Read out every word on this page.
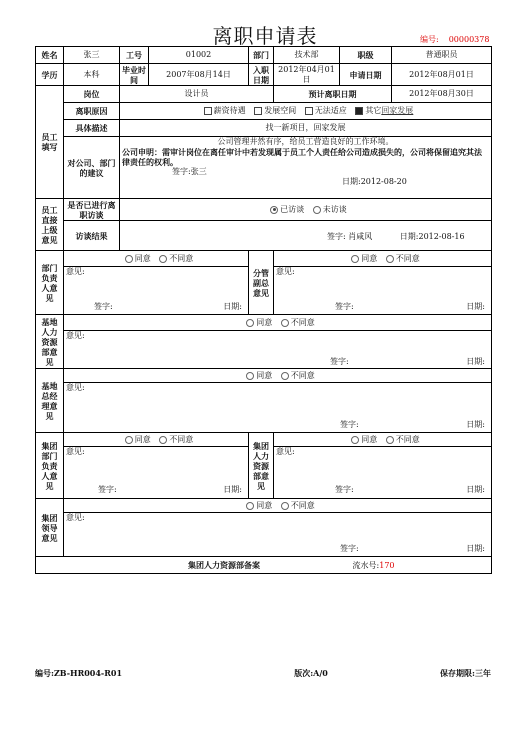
离职申请表	编号: 00000378
姓名	张三	工号	01002	部门	技术部	职级	普通职员
学历	本科	毕业时间	2007年08月14日	入职日期	2012年04月01日	申请日期	2012年08月01日
员工填写	岗位	设计员			预计离职日期		2012年08月30日
	离职原因	薪资待遇 发展空间 无法适应 其它回家发展					
	具体描述	找一新项目，回家发展					
	对公司、部门的建议	公司管理井然有序，给员工营造良好的工作环境。
公司申明：需审计岗位在离任审计中若发现属于员工个人责任给公司造成损失的，公司将保留追究其法律责任的权利。
签字:张三
日期:2012-08-20					

员工直接上级意见	是否已进行离职访谈	已访谈 未访谈					
	访谈结果	签字: 肖咸风 日期:2012-08-16					
部门负责人意见	同意 不同意			分管副总意见	同意 不同意		
	意见:				意见:		

	签字: 日期:				签字: 日期:		

基地人力资源部意见	同意 不同意						
	意见:						

	签字: 日期:						

基地总经理意见	同意 不同意						
	意见:						

	签字: 日期:						

集团部门负责人意见	同意 不同意			集团人力资源部意见	同意 不同意		
	意见:				意见:		

	签字: 日期:				签字: 日期:		

集团领导意见	同意 不同意						
	意见:						

	签字: 日期:						

集团人力资源部备案 流水号:170							
编号:ZB-HR004-R01	版次:A/0	保存期限:三年
